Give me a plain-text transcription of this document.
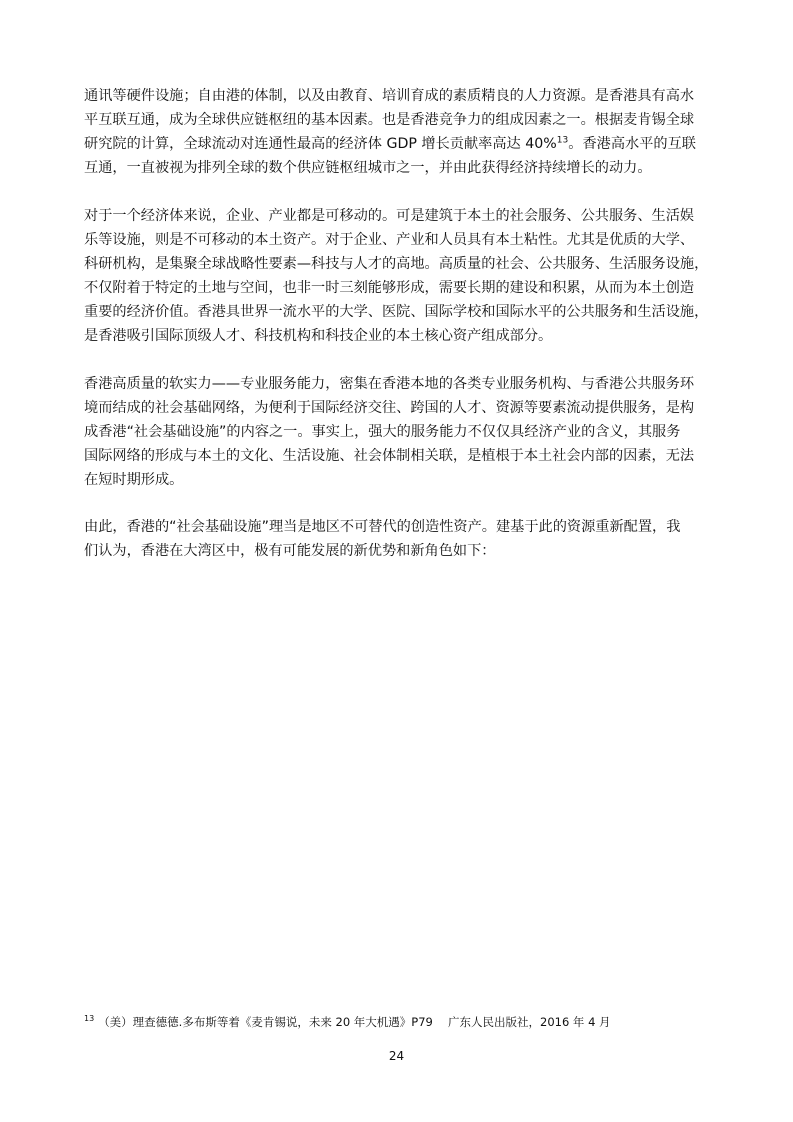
通讯等硬件设施；自由港的体制，以及由教育、培训育成的素质精良的人力资源。是香港具有高水
平互联互通，成为全球供应链枢纽的基本因素。也是香港竞争力的组成因素之一。根据麦肯锡全球
研究院的计算，全球流动对连通性最高的经济体 GDP 增长贡献率高达 40%$^{13}$。香港高水平的互联
互通，一直被视为排列全球的数个供应链枢纽城市之一，并由此获得经济持续增长的动力。

对于一个经济体来说，企业、产业都是可移动的。可是建筑于本土的社会服务、公共服务、生活娱
乐等设施，则是不可移动的本土资产。对于企业、产业和人员具有本土粘性。尤其是优质的大学、
科研机构，是集聚全球战略性要素—科技与人才的高地。高质量的社会、公共服务、生活服务设施，
不仅附着于特定的土地与空间，也非一时三刻能够形成，需要长期的建设和积累，从而为本土创造
重要的经济价值。香港具世界一流水平的大学、医院、国际学校和国际水平的公共服务和生活设施，
是香港吸引国际顶级人才、科技机构和科技企业的本土核心资产组成部分。

香港高质量的软实力——专业服务能力，密集在香港本地的各类专业服务机构、与香港公共服务环
境而结成的社会基础网络，为便利于国际经济交往、跨国的人才、资源等要素流动提供服务，是构
成香港“社会基础设施”的内容之一。事实上，强大的服务能力不仅仅具经济产业的含义，其服务
国际网络的形成与本土的文化、生活设施、社会体制相关联，是植根于本土社会内部的因素，无法
在短时期形成。

由此，香港的“社会基础设施”理当是地区不可替代的创造性资产。建基于此的资源重新配置，我
们认为，香港在大湾区中，极有可能发展的新优势和新角色如下：

$^{13}$ （美）理查德德.多布斯等着《麦肯锡说，未来 20 年大机遇》P79　 广东人民出版社，2016 年 4 月
24
